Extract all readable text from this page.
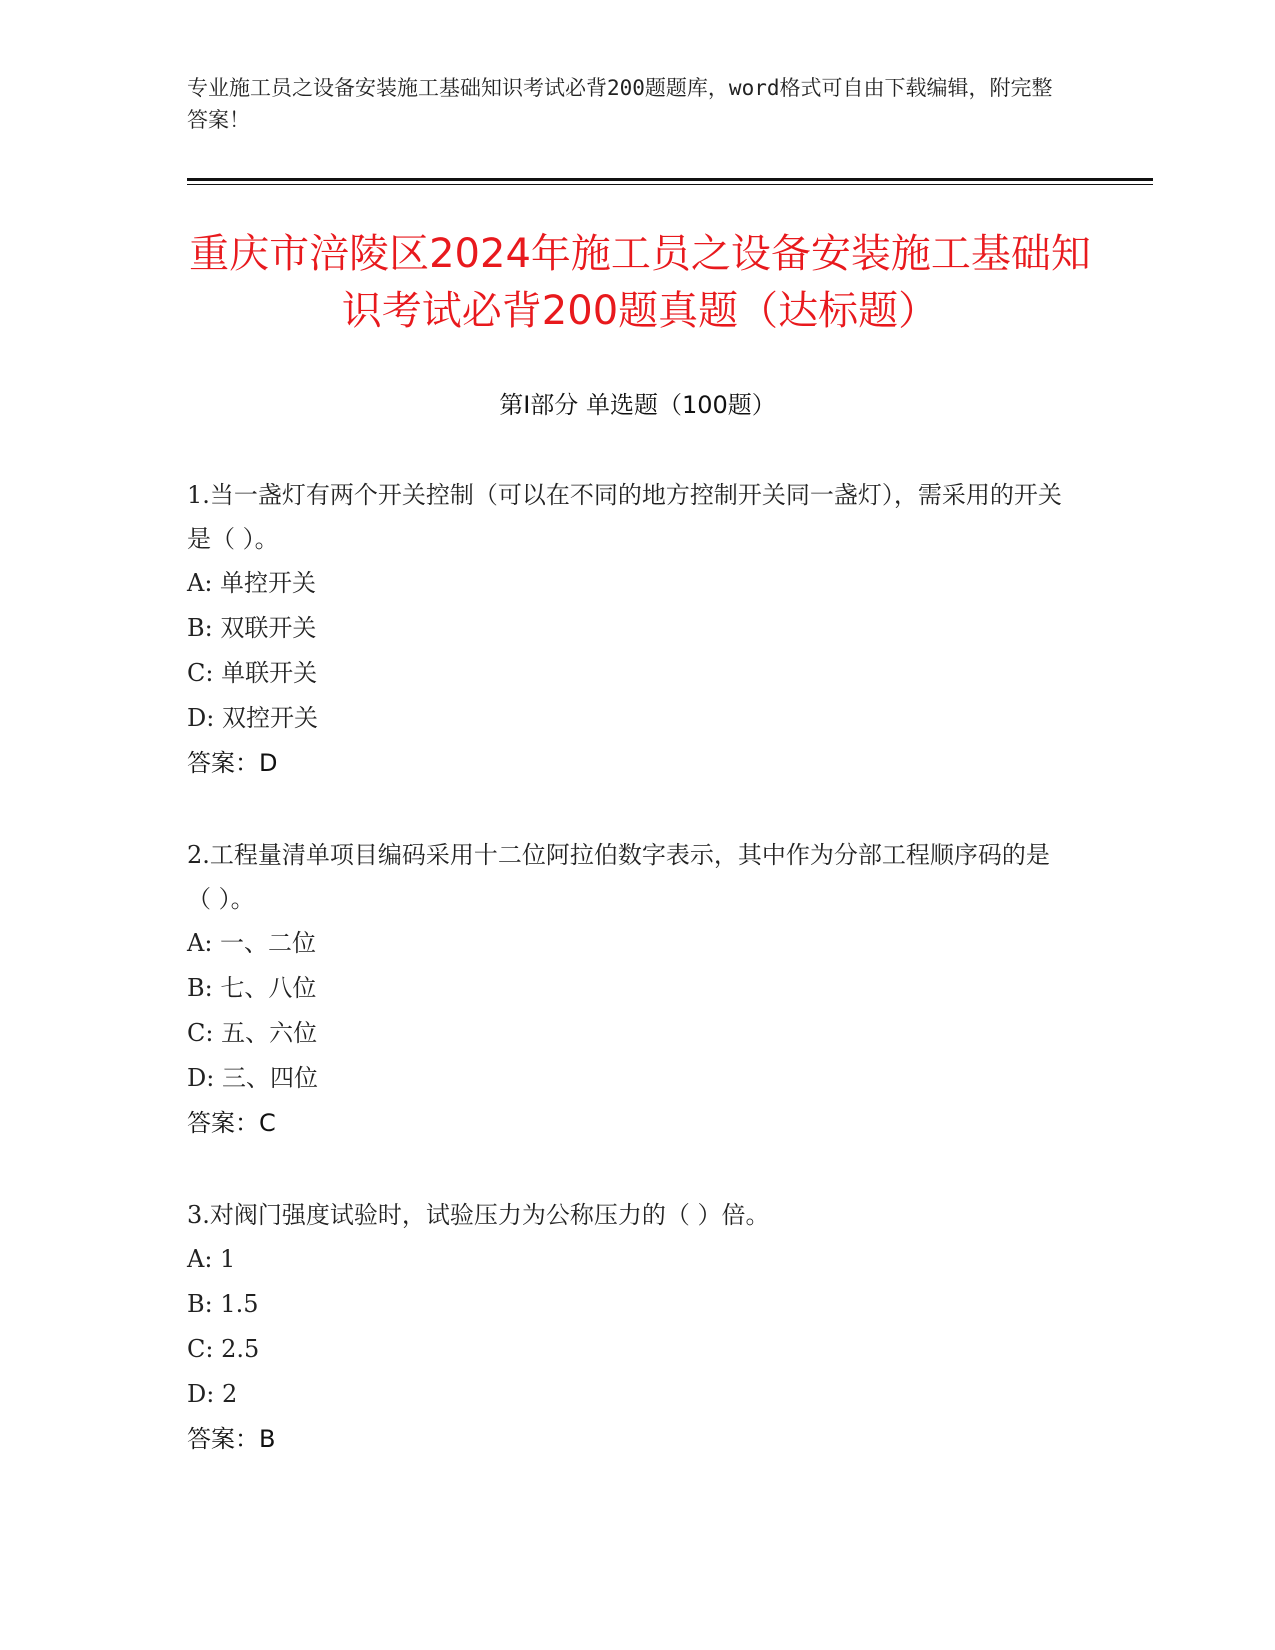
专业施工员之设备安装施工基础知识考试必背200题题库，word格式可自由下载编辑，附完整答案！
重庆市涪陵区2024年施工员之设备安装施工基础知识考试必背200题真题（达标题）
第Ⅰ部分 单选题（100题）
1.当一盏灯有两个开关控制（可以在不同的地方控制开关同一盏灯），需采用的开关是（ ）。
A: 单控开关
B: 双联开关
C: 单联开关
D: 双控开关
答案：D
2.工程量清单项目编码采用十二位阿拉伯数字表示，其中作为分部工程顺序码的是（ ）。
A: 一、二位
B: 七、八位
C: 五、六位
D: 三、四位
答案：C
3.对阀门强度试验时，试验压力为公称压力的（ ）倍。
A: 1
B: 1.5
C: 2.5
D: 2
答案：B
